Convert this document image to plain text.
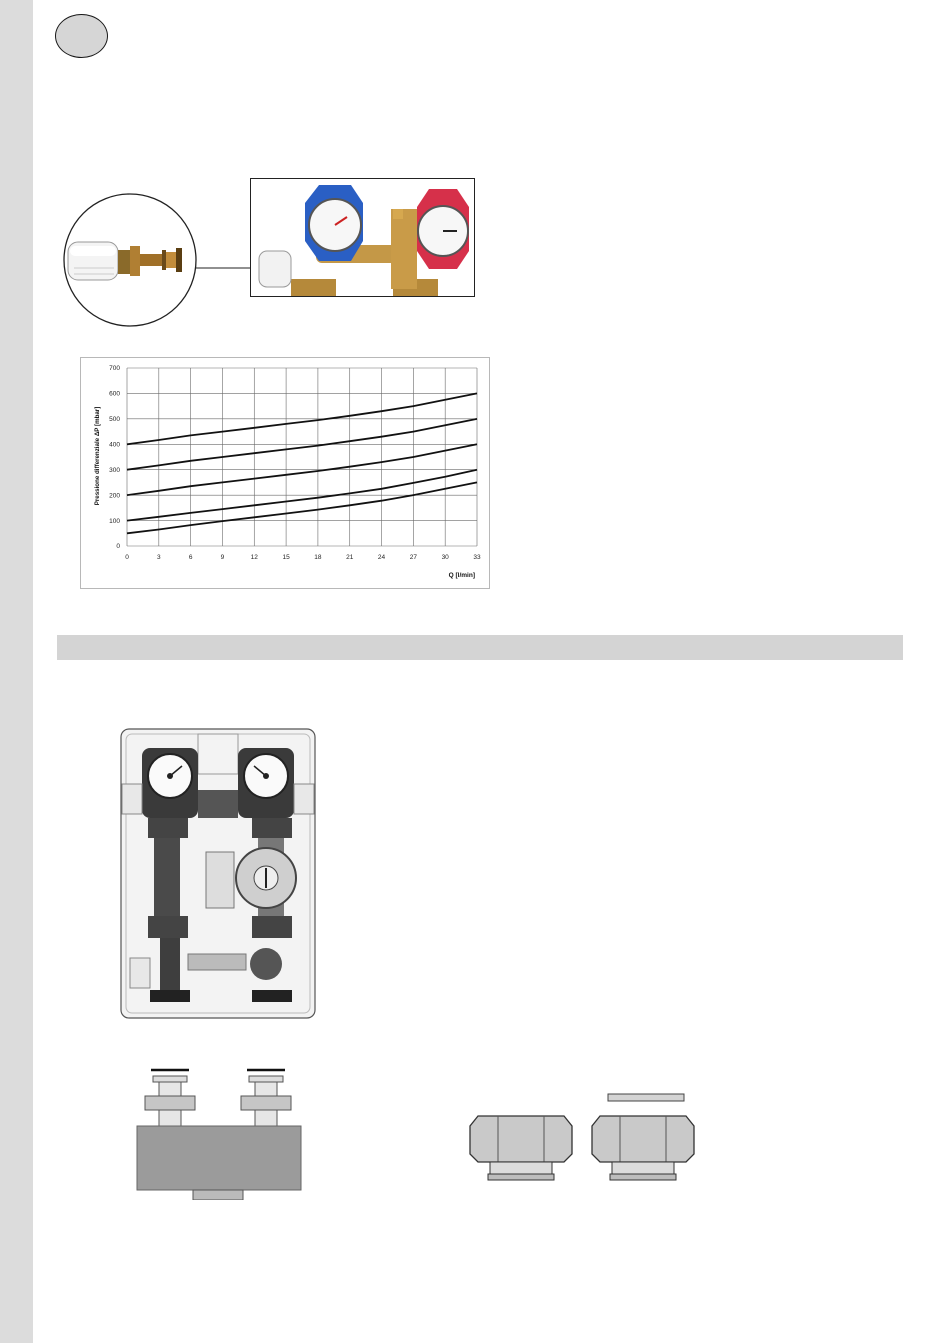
0	3	6	9	12	15	18	21	24	27	30	33
0
100
200
300
400
500
600
700
Q [l/min]
Pressione differenziale ΔP [mbar]
